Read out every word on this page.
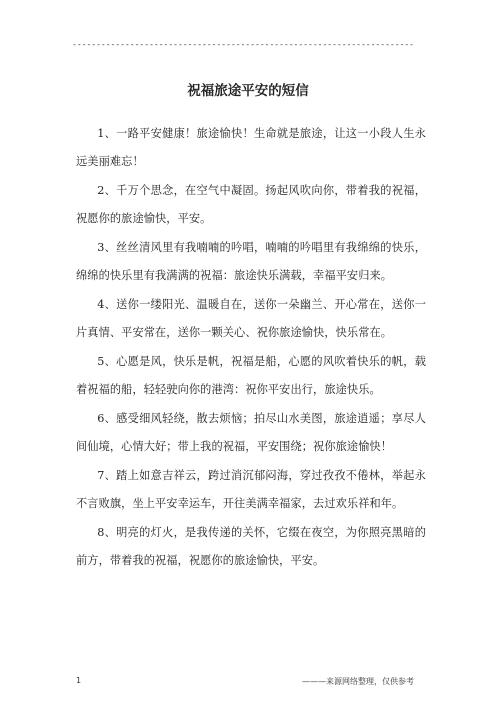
-----------------------------------------------------------------------
祝福旅途平安的短信

1、一路平安健康！旅途愉快！生命就是旅途，让这一小段人生永远美丽难忘！

2、千万个思念，在空气中凝固。扬起风吹向你，带着我的祝福，祝愿你的旅途愉快，平安。

3、丝丝清风里有我喃喃的吟唱，喃喃的吟唱里有我绵绵的快乐，绵绵的快乐里有我满满的祝福：旅途快乐满载，幸福平安归来。

4、送你一缕阳光、温暖自在，送你一朵幽兰、开心常在，送你一片真情、平安常在，送你一颗关心、祝你旅途愉快，快乐常在。

5、心愿是风，快乐是帆，祝福是船，心愿的风吹着快乐的帆，载着祝福的船，轻轻驶向你的港湾：祝你平安出行，旅途快乐。

6、感受细风轻绕，散去烦恼；拍尽山水美图，旅途逍遥；享尽人间仙境，心情大好；带上我的祝福，平安围绕；祝你旅途愉快！

7、踏上如意吉祥云，跨过消沉郁闷海，穿过孜孜不倦林，举起永不言败旗，坐上平安幸运车，开往美满幸福家，去过欢乐祥和年。

8、明亮的灯火，是我传递的关怀，它缀在夜空，为你照亮黑暗的前方，带着我的祝福，祝愿你的旅途愉快，平安。

1	———来源网络整理，仅供参考
